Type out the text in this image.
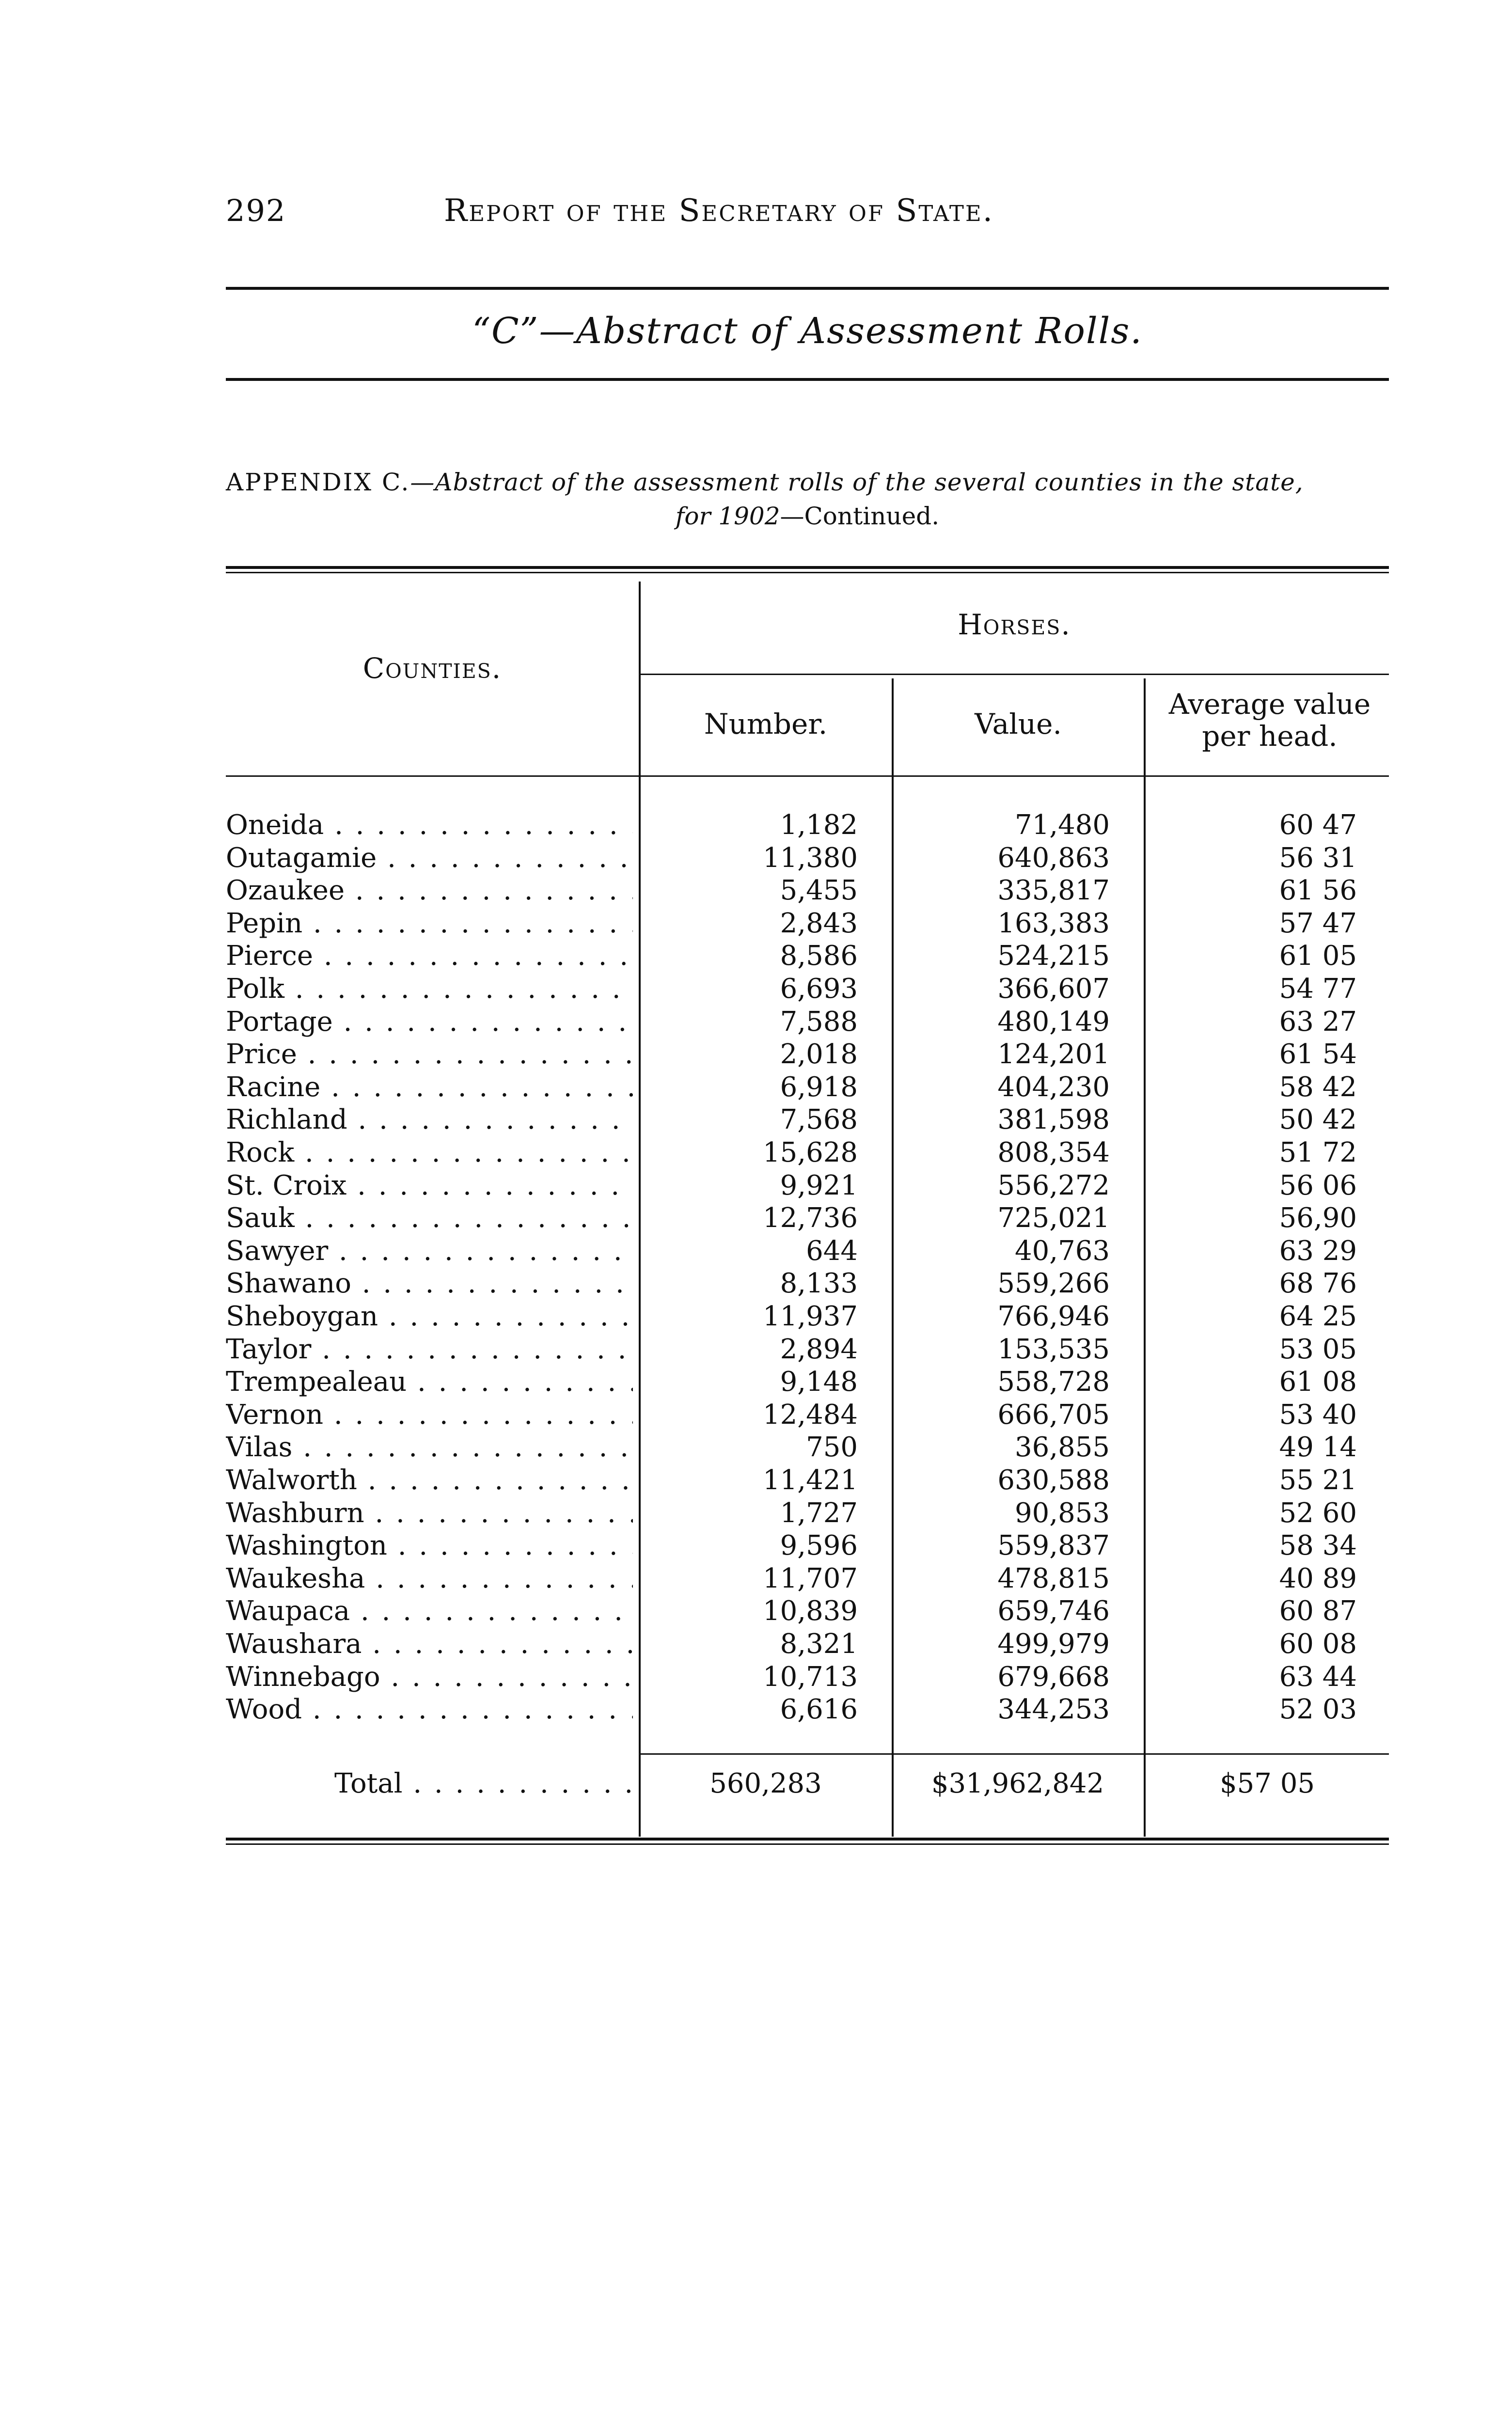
292	Report of the Secretary of State.
“C”—Abstract of Assessment Rolls.
APPENDIX C.—Abstract of the assessment rolls of the several counties in the state,
for 1902—Continued.
Counties.
Horses.
Number.	Value.
Average value per head.
Oneida . . .	1,182	71,480	60 47
Outagamie . . .	11,380	640,863	56 31
Ozaukee . . .	5,455	335,817	61 56
Pepin . . .	2,843	163,383	57 47
Pierce . . .	8,586	524,215	61 05
Polk . . .	6,693	366,607	54 77
Portage . . .	7,588	480,149	63 27
Price . . .	2,018	124,201	61 54
Racine . . .	6,918	404,230	58 42
Richland . . .	7,568	381,598	50 42
Rock . . .	15,628	808,354	51 72
St. Croix . . .	9,921	556,272	56 06
Sauk . . .	12,736	725,021	56,90
Sawyer . . .	644	40,763	63 29
Shawano . . .	8,133	559,266	68 76
Sheboygan . . .	11,937	766,946	64 25
Taylor . . .	2,894	153,535	53 05
Trempealeau . . .	9,148	558,728	61 08
Vernon . . .	12,484	666,705	53 40
Vilas . . .	750	36,855	49 14
Walworth . . .	11,421	630,588	55 21
Washburn . . .	1,727	90,853	52 60
Washington . . .	9,596	559,837	58 34
Waukesha . . .	11,707	478,815	40 89
Waupaca . . .	10,839	659,746	60 87
Waushara . . .	8,321	499,979	60 08
Winnebago . . .	10,713	679,668	63 44
Wood . . .	6,616	344,253	52 03
Total . . .	560,283	$31,962,842	$57 05
